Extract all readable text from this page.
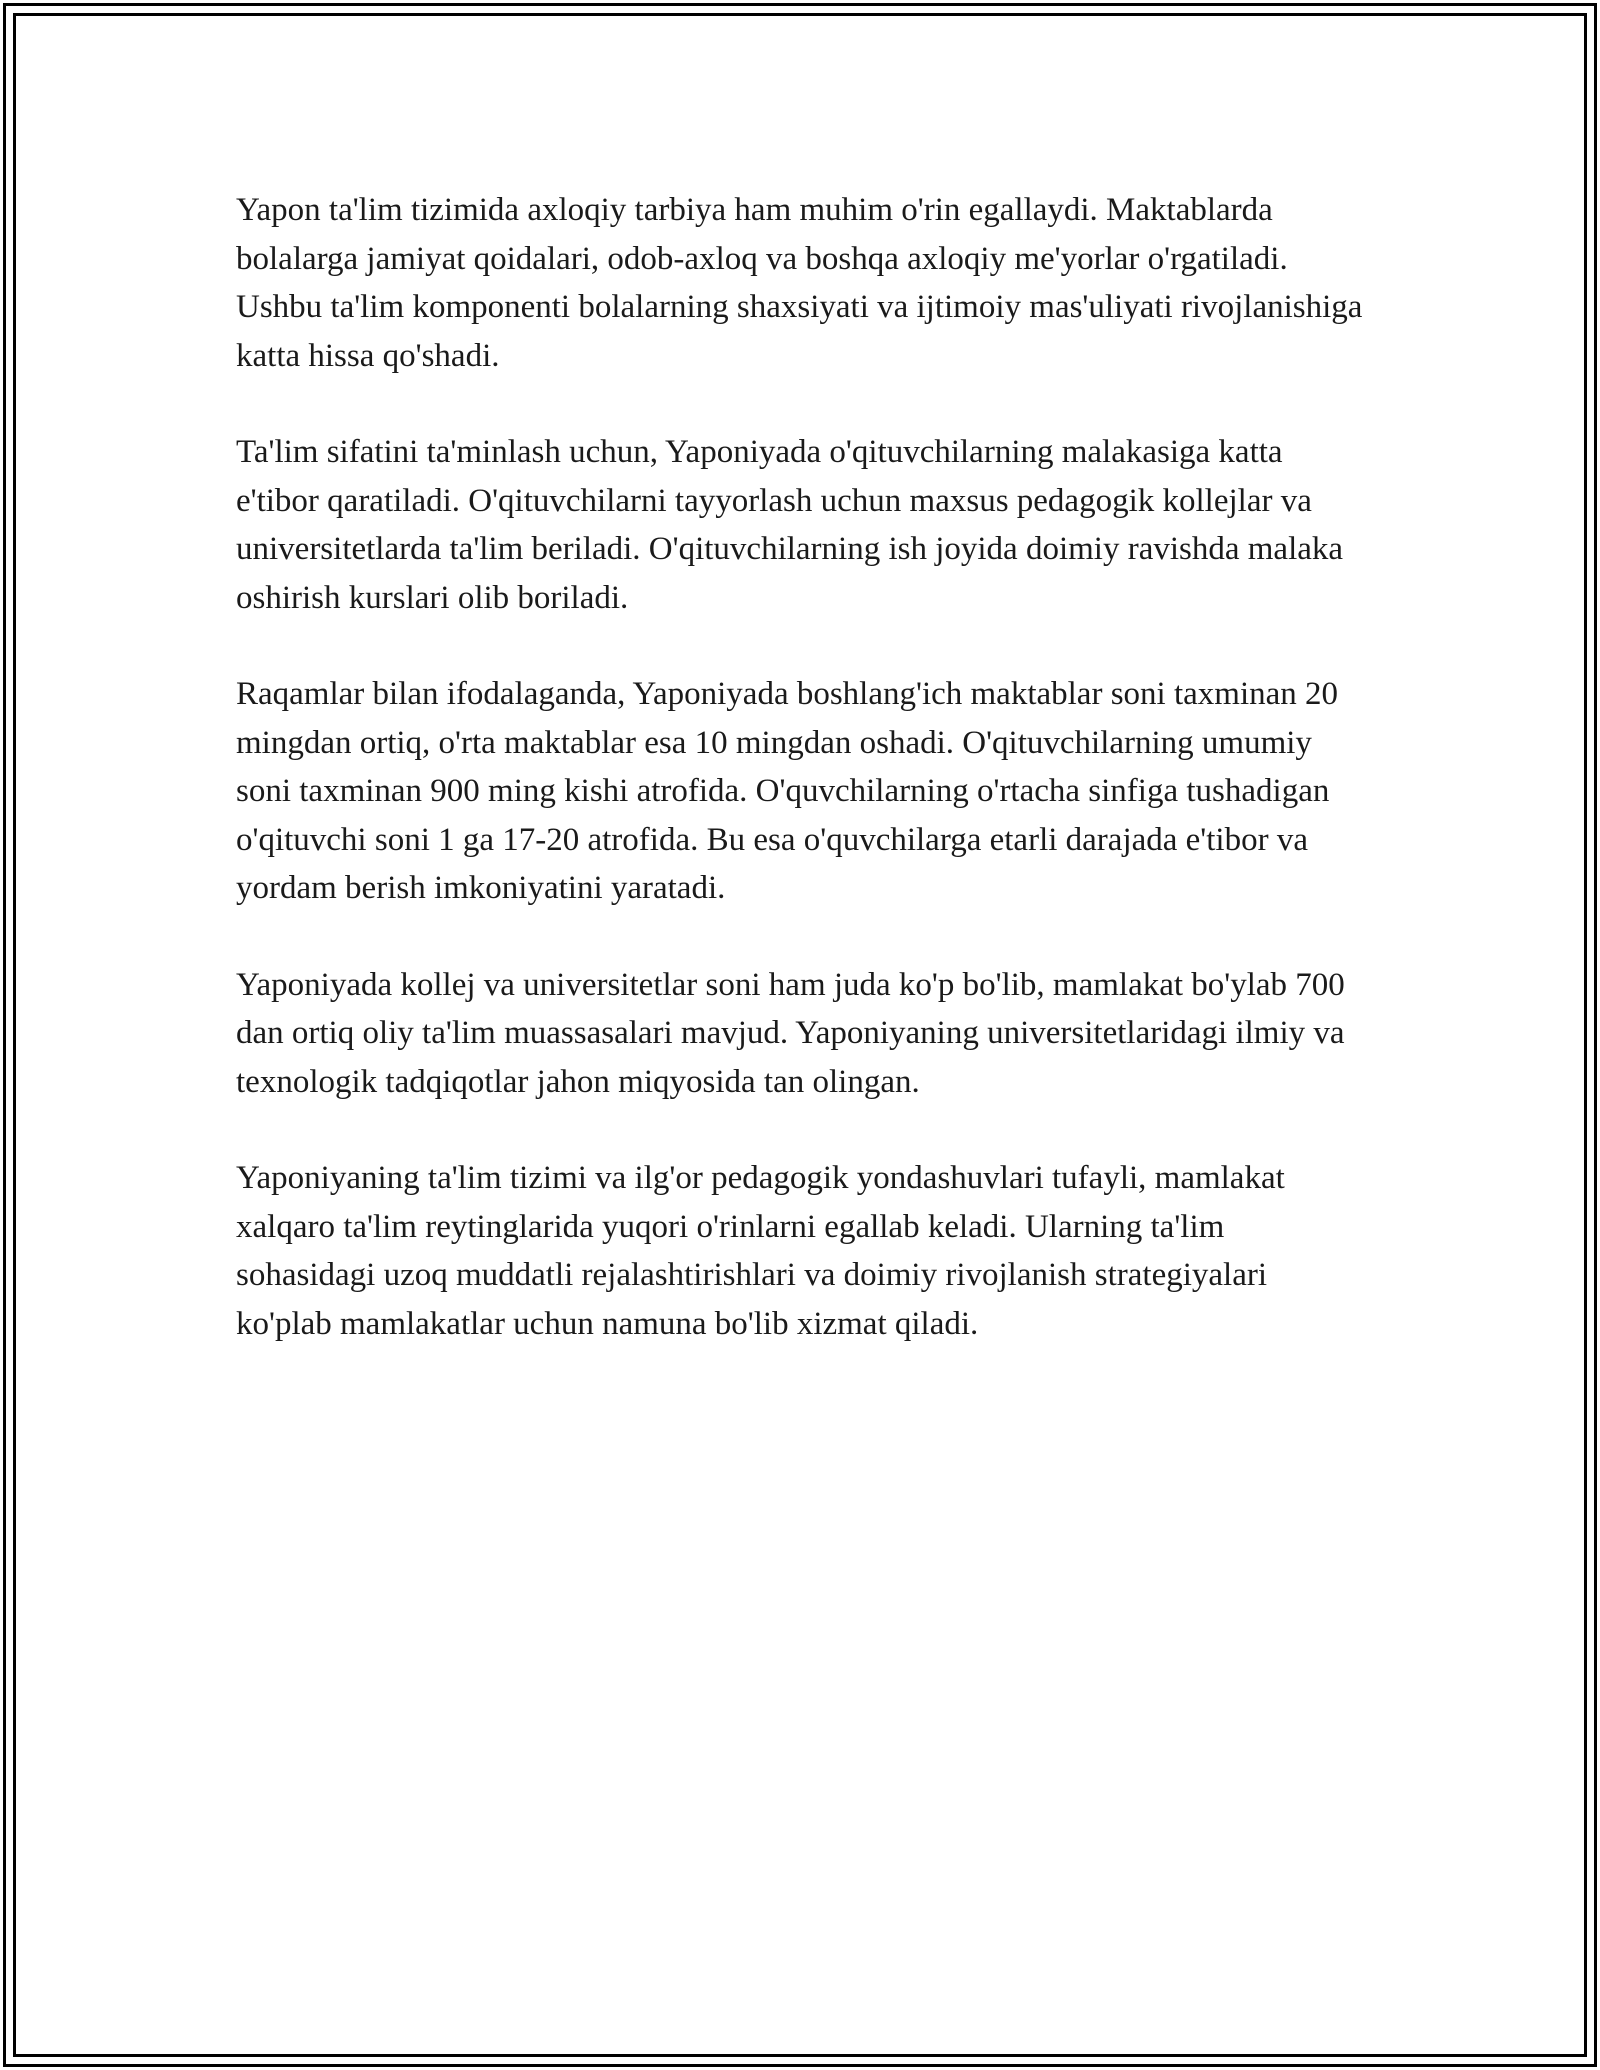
Yapon ta'lim tizimida axloqiy tarbiya ham muhim o'rin egallaydi. Maktablarda bolalarga jamiyat qoidalari, odob-axloq va boshqa axloqiy me'yorlar o'rgatiladi. Ushbu ta'lim komponenti bolalarning shaxsiyati va ijtimoiy mas'uliyati rivojlanishiga katta hissa qo'shadi.

Ta'lim sifatini ta'minlash uchun, Yaponiyada o'qituvchilarning malakasiga katta e'tibor qaratiladi. O'qituvchilarni tayyorlash uchun maxsus pedagogik kollejlar va universitetlarda ta'lim beriladi. O'qituvchilarning ish joyida doimiy ravishda malaka oshirish kurslari olib boriladi.

Raqamlar bilan ifodalaganda, Yaponiyada boshlang'ich maktablar soni taxminan 20 mingdan ortiq, o'rta maktablar esa 10 mingdan oshadi. O'qituvchilarning umumiy soni taxminan 900 ming kishi atrofida. O'quvchilarning o'rtacha sinfiga tushadigan o'qituvchi soni 1 ga 17-20 atrofida. Bu esa o'quvchilarga etarli darajada e'tibor va yordam berish imkoniyatini yaratadi.

Yaponiyada kollej va universitetlar soni ham juda ko'p bo'lib, mamlakat bo'ylab 700 dan ortiq oliy ta'lim muassasalari mavjud. Yaponiyaning universitetlaridagi ilmiy va texnologik tadqiqotlar jahon miqyosida tan olingan.

Yaponiyaning ta'lim tizimi va ilg'or pedagogik yondashuvlari tufayli, mamlakat xalqaro ta'lim reytinglarida yuqori o'rinlarni egallab keladi. Ularning ta'lim sohasidagi uzoq muddatli rejalashtirishlari va doimiy rivojlanish strategiyalari ko'plab mamlakatlar uchun namuna bo'lib xizmat qiladi.
